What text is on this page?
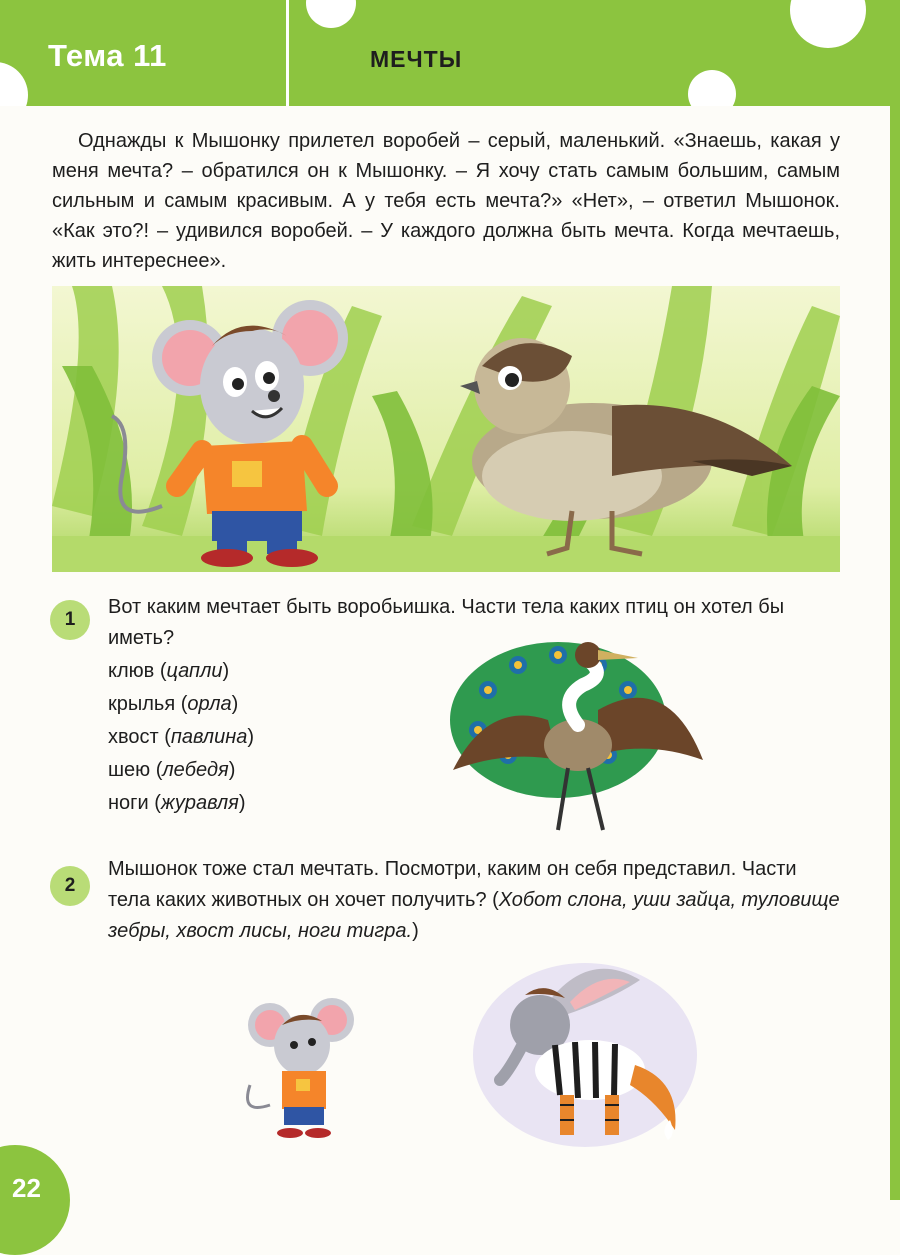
Тема 11	МЕЧТЫ

Однажды к Мышонку прилетел воробей – серый, маленький. «Знаешь, какая у меня мечта? – обратился он к Мышонку. – Я хочу стать самым большим, самым сильным и самым красивым. А у тебя есть мечта?» «Нет», – ответил Мышонок. «Как это?! – удивился воробей. – У каждого должна быть мечта. Когда мечтаешь, жить интереснее».

1
Вот каким мечтает быть воробьишка. Части тела каких птиц он хотел бы иметь?
клюв (цапли)
крылья (орла)
хвост (павлина)
шею (лебедя)
ноги (журавля)
2
Мышонок тоже стал мечтать. Посмотри, каким он себя представил. Части тела каких животных он хочет получить? (Хобот слона, уши зайца, туловище зебры, хвост лисы, ноги тигра.)
22
